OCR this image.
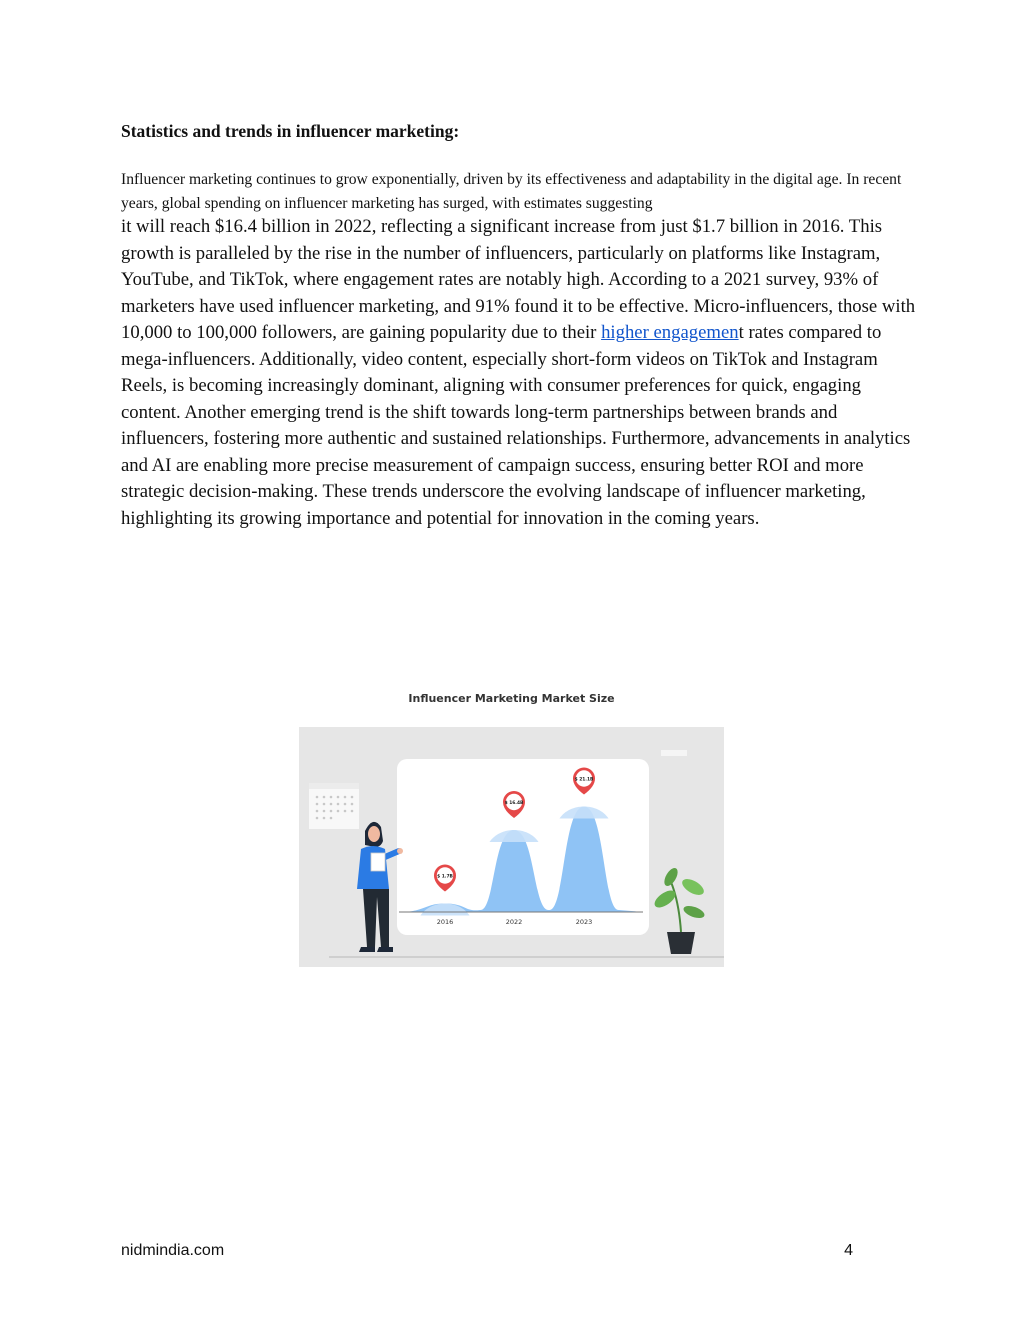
Statistics and trends in influencer marketing:

Influencer marketing continues to grow exponentially, driven by its effectiveness and adaptability in the digital age. In recent years, global spending on influencer marketing has surged, with estimates suggesting

it will reach $16.4 billion in 2022, reflecting a significant increase from just $1.7 billion in 2016. This growth is paralleled by the rise in the number of influencers, particularly on platforms like Instagram, YouTube, and TikTok, where engagement rates are notably high. According to a 2021 survey, 93% of marketers have used influencer marketing, and 91% found it to be effective. Micro-influencers, those with 10,000 to 100,000 followers, are gaining popularity due to their higher engagement rates compared to mega-influencers. Additionally, video content, especially short-form videos on TikTok and Instagram Reels, is becoming increasingly dominant, aligning with consumer preferences for quick, engaging content. Another emerging trend is the shift towards long-term partnerships between brands and influencers, fostering more authentic and sustained relationships. Furthermore, advancements in analytics and AI are enabling more precise measurement of campaign success, ensuring better ROI and more strategic decision-making. These trends underscore the evolving landscape of influencer marketing, highlighting its growing importance and potential for innovation in the coming years.

Influencer Marketing Market Size
2016	2022	2023
$ 1.7B
$ 16.4B
$ 21.1B
nidmindia.com	4
